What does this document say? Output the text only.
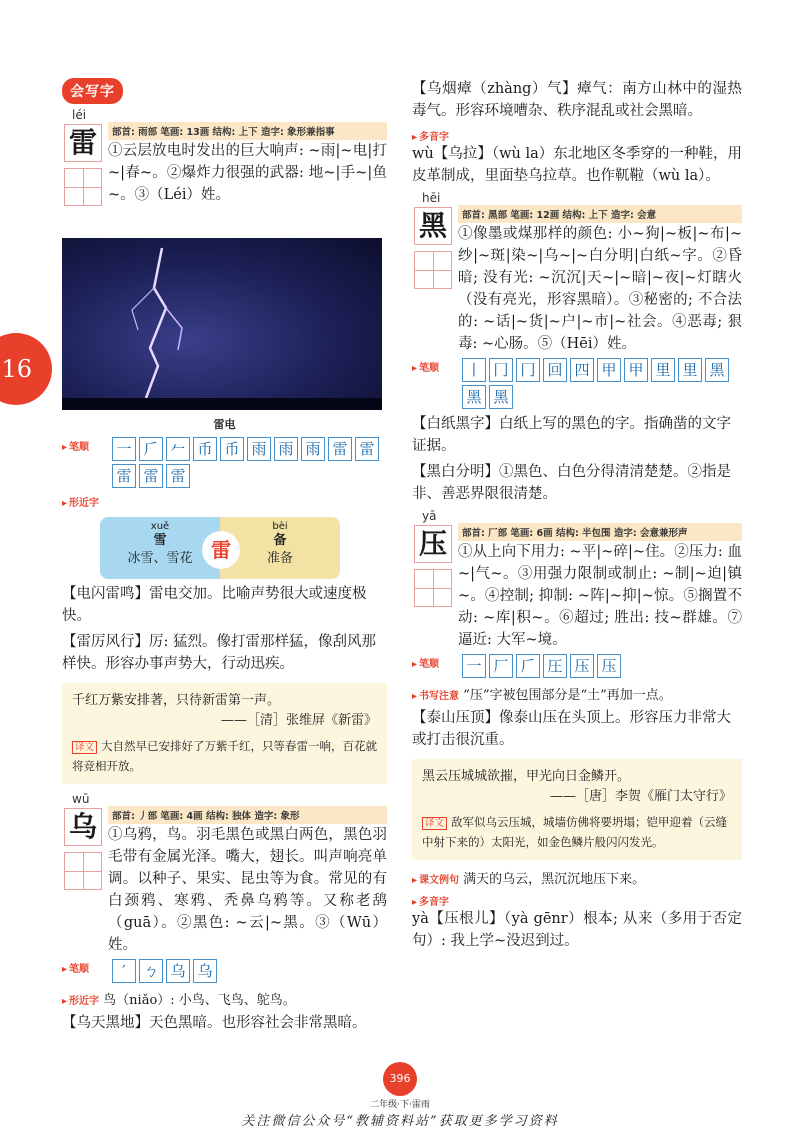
16
会写字
léi
雷	部首: 雨部 笔画: 13画 结构: 上下 造字: 象形兼指事
①云层放电时发出的巨大响声: ~雨|~电|打~|春~。②爆炸力很强的武器: 地~|手~|鱼~。③（Léi）姓。
雷电
▸ 笔顺	一 𠂆 𠂉 币 币 雨 雨 雨 雷 雷
雷 雷 雷
▸ 形近字
xuě
雪
冰雪、雪花 雷
bèi
备
准备
【电闪雷鸣】雷电交加。比喻声势很大或速度极快。
【雷厉风行】厉: 猛烈。像打雷那样猛，像刮风那样快。形容办事声势大，行动迅疾。
千红万紫安排著，只待新雷第一声。
——［清］张维屏《新雷》
译文 大自然早已安排好了万紫千红，只等春雷一响，百花就将竞相开放。
wū
乌	部首: 丿部 笔画: 4画 结构: 独体 造字: 象形
①乌鸦，鸟。羽毛黑色或黑白两色，黑色羽毛带有金属光泽。嘴大，翅长。叫声响亮单调。以种子、果实、昆虫等为食。常见的有白颈鸦、寒鸦、秃鼻乌鸦等。又称老鸹（guā）。②黑色: ~云|~黑。③（Wū）姓。
▸ 笔顺	′	ㄅ 乌 乌
▸ 形近字 鸟（niǎo）: 小鸟、飞鸟、鸵鸟。
【乌天黑地】天色黑暗。也形容社会非常黑暗。
【乌烟瘴（zhàng）气】瘴气：南方山林中的湿热毒气。形容环境嘈杂、秩序混乱或社会黑暗。
▸ 多音字
wù【乌拉】（wù la）东北地区冬季穿的一种鞋，用皮革制成，里面垫乌拉草。也作靰鞡（wù la）。
hēi
黑	部首: 黑部 笔画: 12画 结构: 上下 造字: 会意
①像墨或煤那样的颜色: 小~狗|~板|~布|~纱|~斑|染~|乌~|~白分明|白纸~字。②昏暗; 没有光: ~沉沉|天~|~暗|~夜|~灯瞎火（没有亮光，形容黑暗）。③秘密的; 不合法的: ~话|~货|~户|~市|~社会。④恶毒; 狠毒: ~心肠。⑤（Hēi）姓。
▸ 笔顺	丨 冂 冂 回 四 甲 甲 里 里 黑
黑 黑
【白纸黑字】白纸上写的黑色的字。指确凿的文字证据。
【黑白分明】①黑色、白色分得清清楚楚。②指是非、善恶界限很清楚。
yā
压	部首: 厂部 笔画: 6画 结构: 半包围 造字: 会意兼形声
①从上向下用力: ~平|~碎|~住。②压力: 血~|气~。③用强力限制或制止: ~制|~迫|镇~。④控制; 抑制: ~阵|~抑|~惊。⑤搁置不动: ~库|积~。⑥超过; 胜出: 技~群雄。⑦逼近: 大军~境。
▸ 笔顺	一 厂 𠂆 圧 压 压
▸ 书写注意 “压”字被包围部分是“土”再加一点。
【泰山压顶】像泰山压在头顶上。形容压力非常大或打击很沉重。
黑云压城城欲摧，甲光向日金鳞开。
——［唐］李贺《雁门太守行》
译文 敌军似乌云压城，城墙仿佛将要坍塌；铠甲迎着（云缝中射下来的）太阳光，如金色鳞片般闪闪发光。
▸ 课文例句 满天的乌云，黑沉沉地压下来。
▸ 多音字
yà【压根儿】（yà gēnr）根本; 从来（多用于否定句）: 我上学~没迟到过。
396
二年级·下·雷雨
关注微信公众号“教辅资料站”获取更多学习资料
